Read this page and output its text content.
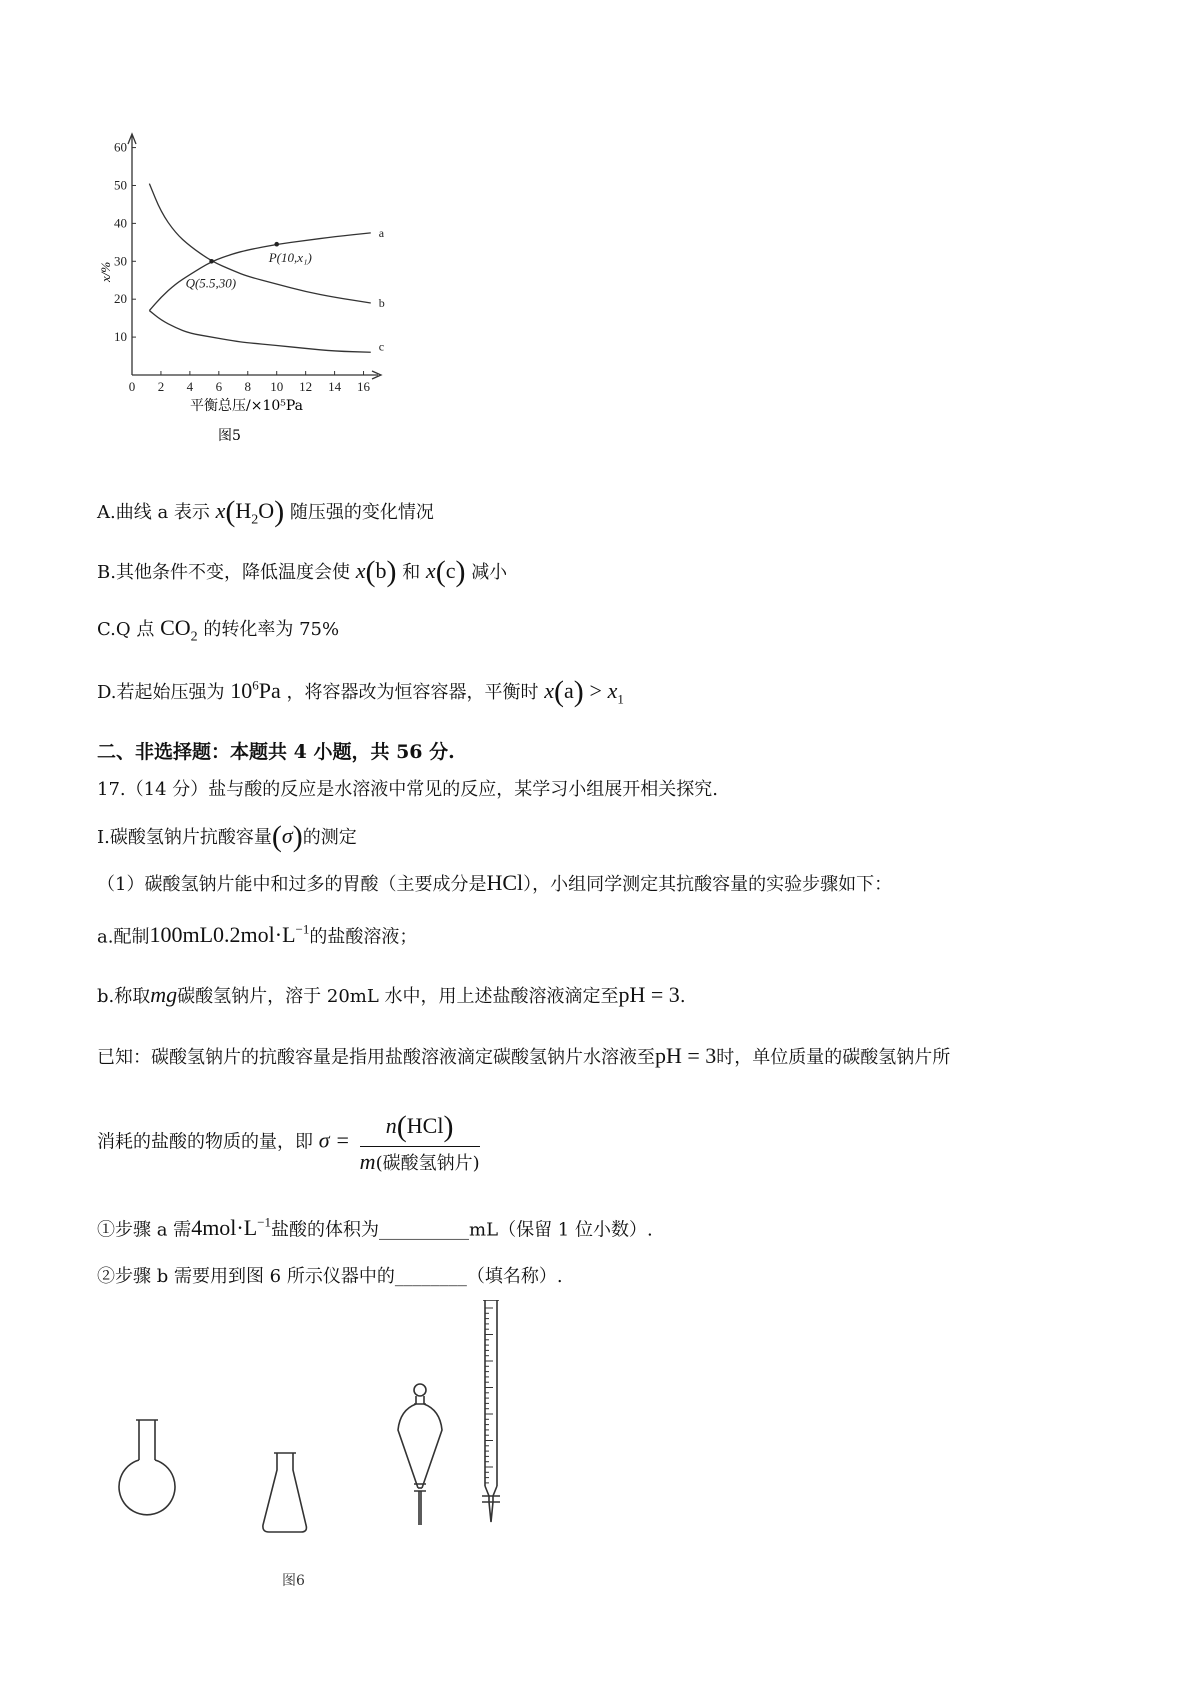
0 2 4 6 8 10 12 14 16
10
20
30
40
50
60
a
b
c
P(10,x₁)
Q(5.5,30)
x/%
平衡总压/×10⁵Pa
图5
A.曲线 a 表示 $x(H_2O)$ 随压强的变化情况
B.其他条件不变，降低温度会使 x(b) 和 x(c) 减小
C.Q 点 $CO_2$ 的转化率为 75%
D.若起始压强为 $10^6Pa$ ，将容器改为恒容容器，平衡时 $x(a) > x_1$
二、非选择题：本题共 4 小题，共 56 分.
17.（14 分）盐与酸的反应是水溶液中常见的反应，某学习小组展开相关探究.
Ⅰ.碳酸氢钠片抗酸容量(σ)的测定
（1）碳酸氢钠片能中和过多的胃酸（主要成分是HCl），小组同学测定其抗酸容量的实验步骤如下：
a.配制$100mL0.2mol\cdot L^{-1}$的盐酸溶液；
b.称取mg碳酸氢钠片，溶于 20mL 水中，用上述盐酸溶液滴定至pH = 3.
已知：碳酸氢钠片的抗酸容量是指用盐酸溶液滴定碳酸氢钠片水溶液至pH = 3时，单位质量的碳酸氢钠片所
消耗的盐酸的物质的量，即 $\sigma = \frac{\text{n(HCl)}}{\text{m(碳酸氢钠片)}}$
①步骤 a 需$4mol\cdot L^{-1}$盐酸的体积为__________mL（保留 1 位小数）.
②步骤 b 需要用到图 6 所示仪器中的________（填名称）.
图6
